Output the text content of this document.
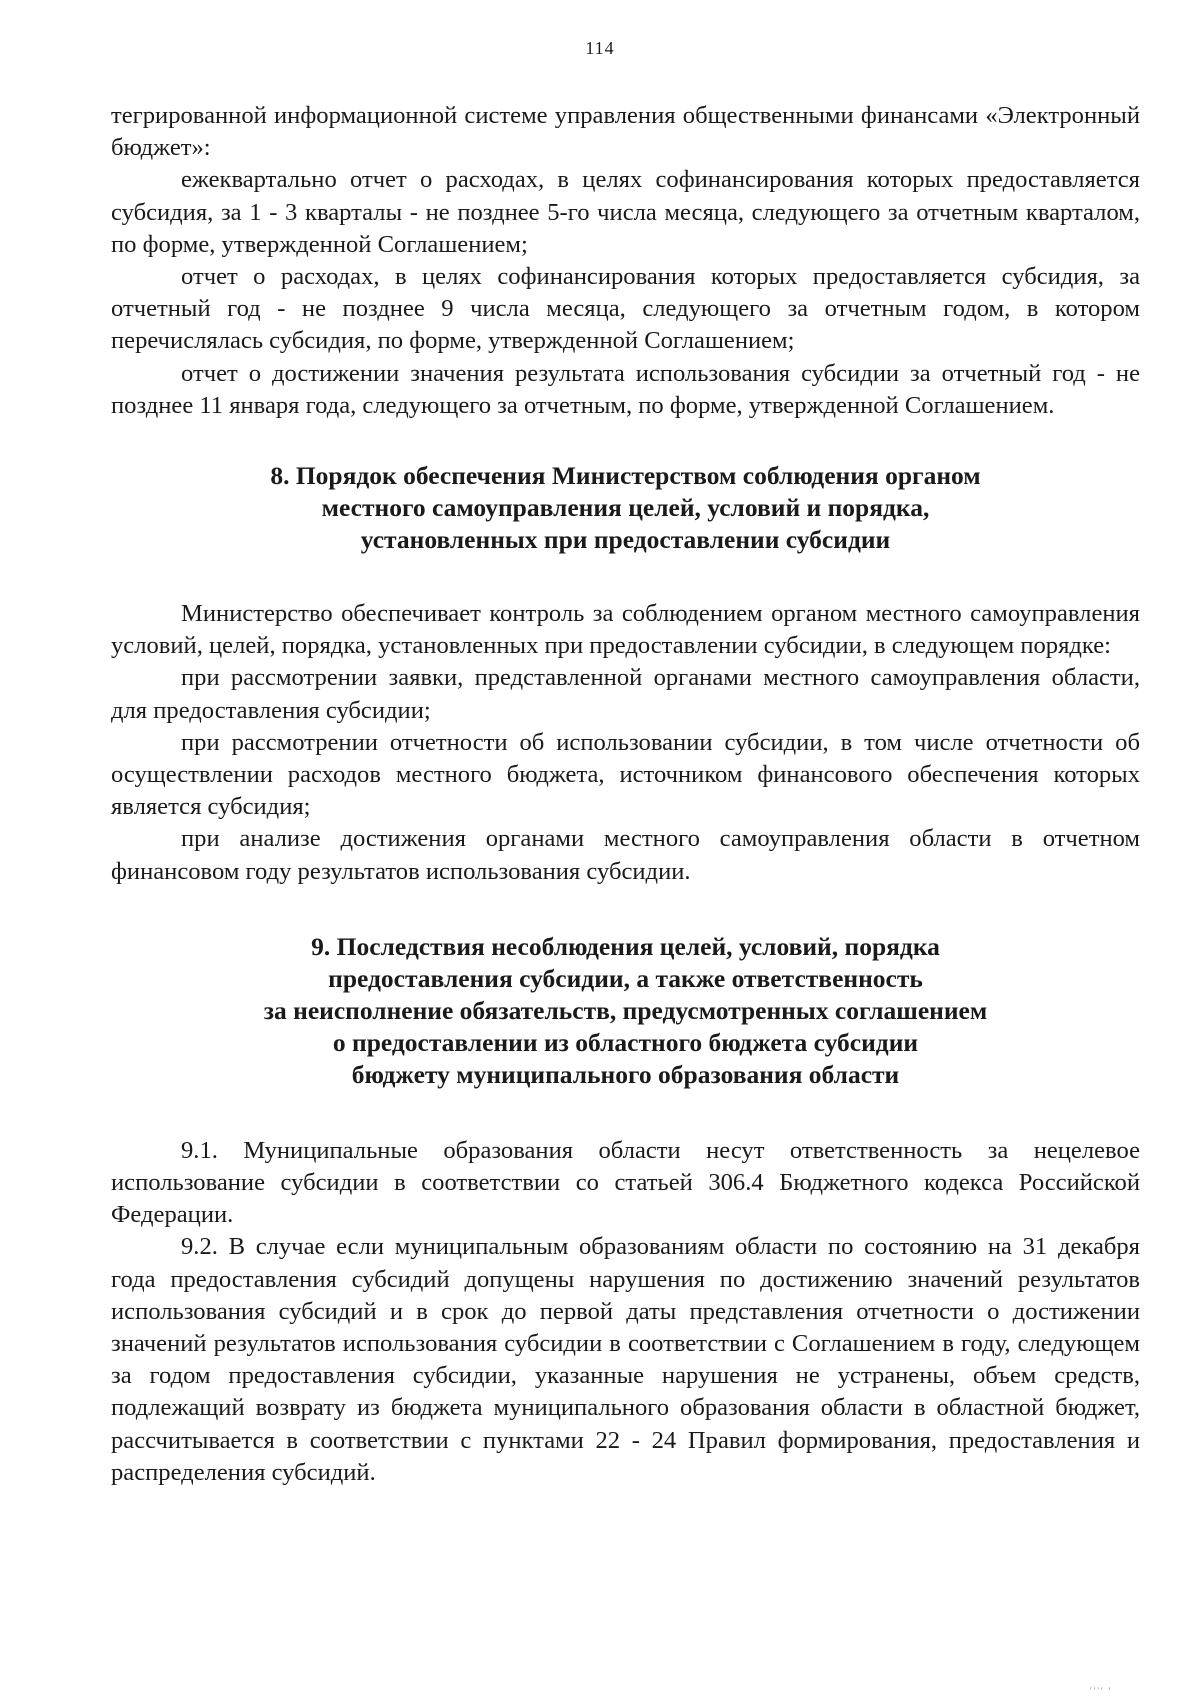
114

тегрированной информационной системе управления общественными финансами «Электронный бюджет»:

ежеквартально отчет о расходах, в целях софинансирования которых предоставляется субсидия, за 1 - 3 кварталы - не позднее 5-го числа месяца, следующего за отчетным кварталом, по форме, утвержденной Соглашением;

отчет о расходах, в целях софинансирования которых предоставляется субсидия, за отчетный год - не позднее 9 числа месяца, следующего за отчетным годом, в котором перечислялась субсидия, по форме, утвержденной Соглашением;

отчет о достижении значения результата использования субсидии за отчетный год - не позднее 11 января года, следующего за отчетным, по форме, утвержденной Соглашением.

8. Порядок обеспечения Министерством соблюдения органом
местного самоуправления целей, условий и порядка,
установленных при предоставлении субсидии

Министерство обеспечивает контроль за соблюдением органом местного самоуправления условий, целей, порядка, установленных при предоставлении субсидии, в следующем порядке:

при рассмотрении заявки, представленной органами местного самоуправления области, для предоставления субсидии;

при рассмотрении отчетности об использовании субсидии, в том числе отчетности об осуществлении расходов местного бюджета, источником финансового обеспечения которых является субсидия;

при анализе достижения органами местного самоуправления области в отчетном финансовом году результатов использования субсидии.

9. Последствия несоблюдения целей, условий, порядка
предоставления субсидии, а также ответственность
за неисполнение обязательств, предусмотренных соглашением
о предоставлении из областного бюджета субсидии
бюджету муниципального образования области

9.1. Муниципальные образования области несут ответственность за нецелевое использование субсидии в соответствии со статьей 306.4 Бюджетного кодекса Российской Федерации.

9.2. В случае если муниципальным образованиям области по состоянию на 31 декабря года предоставления субсидий допущены нарушения по достижению значений результатов использования субсидий и в срок до первой даты представления отчетности о достижении значений результатов использования субсидии в соответствии с Соглашением в году, следующем за годом предоставления субсидии, указанные нарушения не устранены, объем средств, подлежащий возврату из бюджета муниципального образования области в областной бюджет, рассчитывается в соответствии с пунктами 22 - 24 Правил формирования, предоставления и распределения субсидий.

'''' '
